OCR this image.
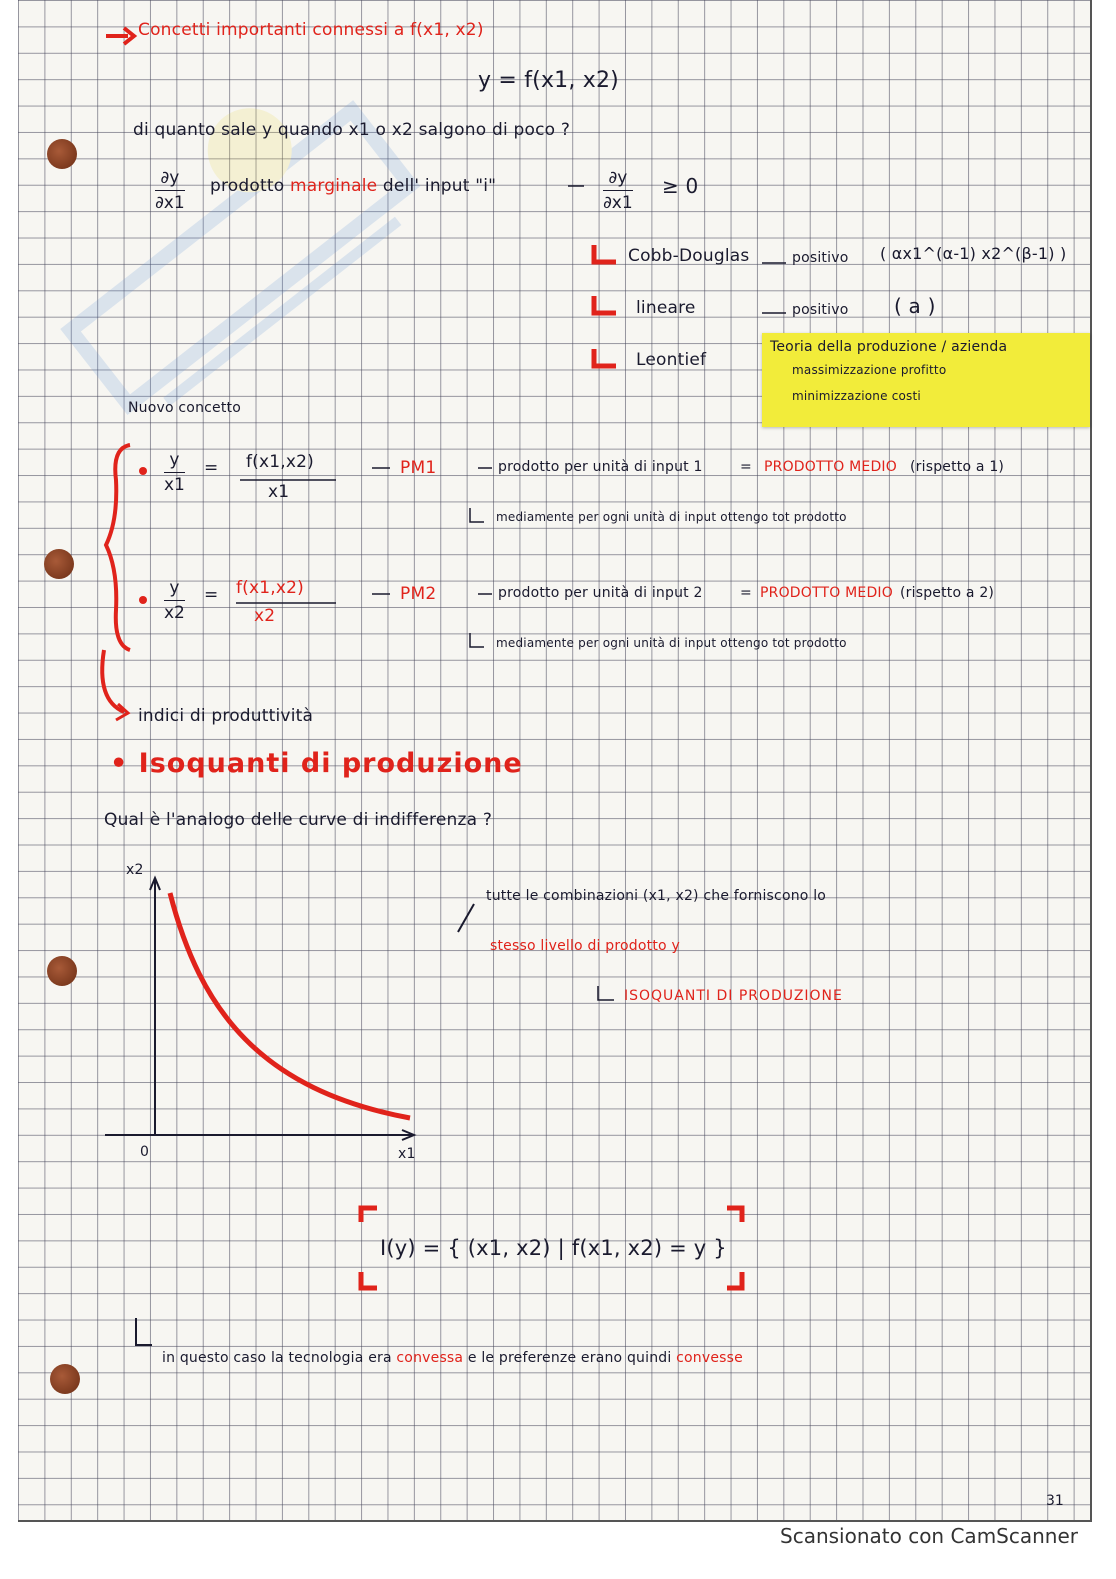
Concetti importanti connessi a f(x1, x2)
y = f(x1, x2)
di quanto sale y quando x1 o x2 salgono di poco ?
∂y
∂x1
prodotto marginale dell' input "i"	∂y
∂x1
≥ 0
Cobb-Douglas	positivo ( αx1^(α-1) x2^(β-1) )
lineare	positivo ( a )
Leontief
Teoria della produzione / azienda
massimizzazione profitto
minimizzazione costi
Nuovo concetto
y
x1
= f(x1,x2)
x1
PM1	prodotto per unità di input 1	= PRODOTTO MEDIO (rispetto a 1)
mediamente per ogni unità di input ottengo tot prodotto
y
x2
= f(x1,x2)
x2
PM2	prodotto per unità di input 2	= PRODOTTO MEDIO (rispetto a 2)
mediamente per ogni unità di input ottengo tot prodotto
indici di produttività
• Isoquanti di produzione
Qual è l'analogo delle curve di indifferenza ?
x2
x1
0
tutte le combinazioni (x1, x2) che forniscono lo
stesso livello di prodotto y
ISOQUANTI DI PRODUZIONE
I(y) = { (x1, x2) | f(x1, x2) = y }
in questo caso la tecnologia era convessa e le preferenze erano quindi convesse
31
Scansionato con CamScanner
